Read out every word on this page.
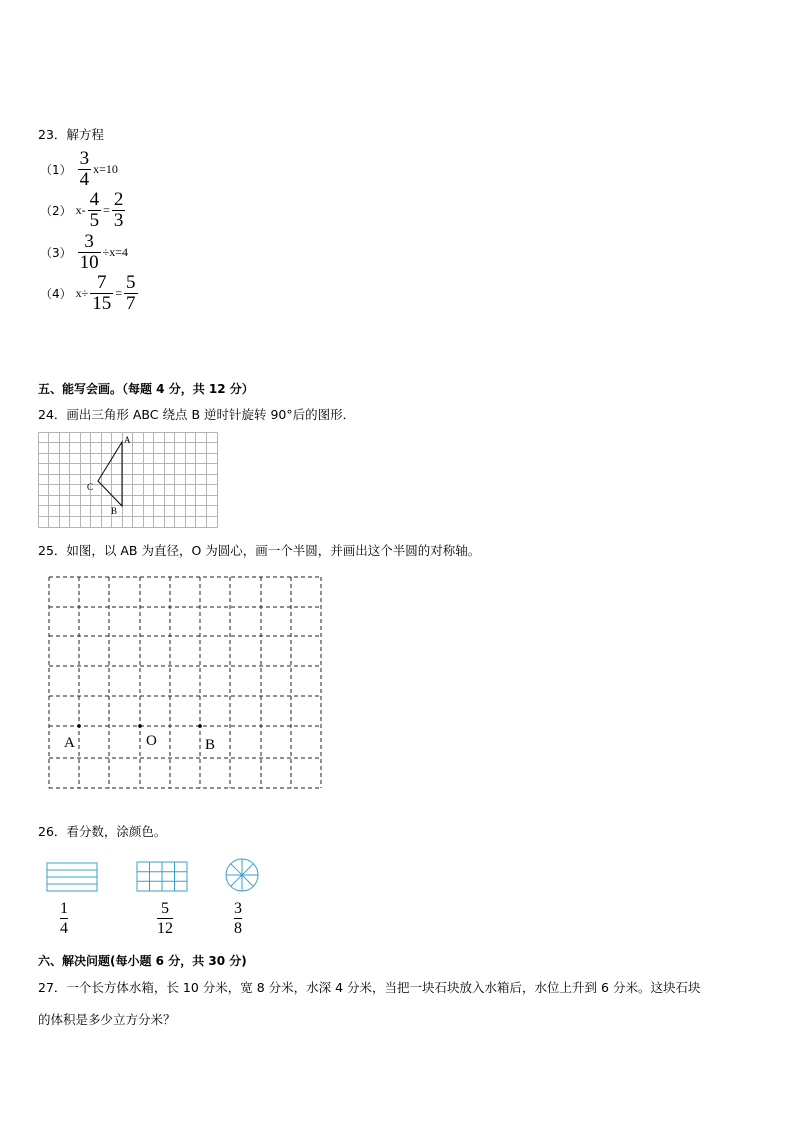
23．解方程
$(1) \frac{3}{4} x=10$
（2） $x- \frac{4}{5} = \frac{2}{3}$
$(3) \frac{3}{10} \div x=4$
（4） $x\div \frac{7}{15} = \frac{5}{7}$
五、能写会画。（每题 4 分，共 12 分）
24．画出三角形 ABC 绕点 B 逆时针旋转 90°后的图形．
A
B
C
25．如图，以 AB 为直径，O 为圆心，画一个半圆，并画出这个半圆的对称轴。
A	O	B
26．看分数，涂颜色。
1
4
5
12
3
8
六、解决问题(每小题 6 分，共 30 分)
27．一个长方体水箱，长 10 分米，宽 8 分米，水深 4 分米，当把一块石块放入水箱后，水位上升到 6 分米。这块石块
的体积是多少立方分米？
